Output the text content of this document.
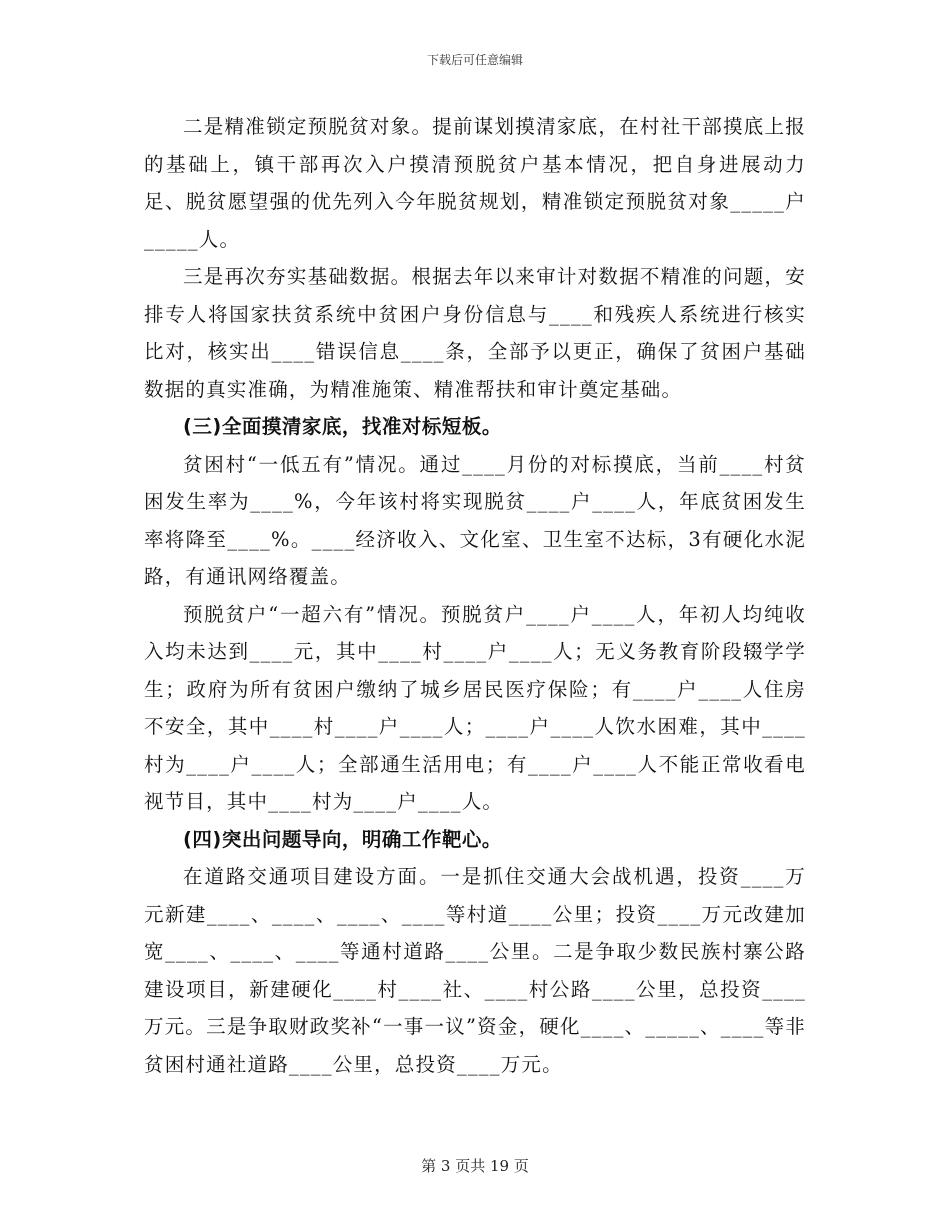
下载后可任意编辑

二是精准锁定预脱贫对象。提前谋划摸清家底，在村社干部摸底上报的基础上，镇干部再次入户摸清预脱贫户基本情况，把自身进展动力足、脱贫愿望强的优先列入今年脱贫规划，精准锁定预脱贫对象_____户_____人。

三是再次夯实基础数据。根据去年以来审计对数据不精准的问题，安排专人将国家扶贫系统中贫困户身份信息与____和残疾人系统进行核实比对，核实出____错误信息____条，全部予以更正，确保了贫困户基础数据的真实准确，为精准施策、精准帮扶和审计奠定基础。

(三)全面摸清家底，找准对标短板。

贫困村“一低五有”情况。通过____月份的对标摸底，当前____村贫困发生率为____%，今年该村将实现脱贫____户____人，年底贫困发生率将降至____%。____经济收入、文化室、卫生室不达标，3有硬化水泥路，有通讯网络覆盖。

预脱贫户“一超六有”情况。预脱贫户____户____人，年初人均纯收入均未达到____元，其中____村____户____人；无义务教育阶段辍学学生；政府为所有贫困户缴纳了城乡居民医疗保险；有____户____人住房不安全，其中____村____户____人；____户____人饮水困难，其中____村为____户____人；全部通生活用电；有____户____人不能正常收看电视节目，其中____村为____户____人。

(四)突出问题导向，明确工作靶心。

在道路交通项目建设方面。一是抓住交通大会战机遇，投资____万元新建____、____、____、____等村道____公里；投资____万元改建加宽____、____、____等通村道路____公里。二是争取少数民族村寨公路建设项目，新建硬化____村____社、____村公路____公里，总投资____万元。三是争取财政奖补“一事一议”资金，硬化____、_____、____等非贫困村通社道路____公里，总投资____万元。

第 3 页共 19 页
